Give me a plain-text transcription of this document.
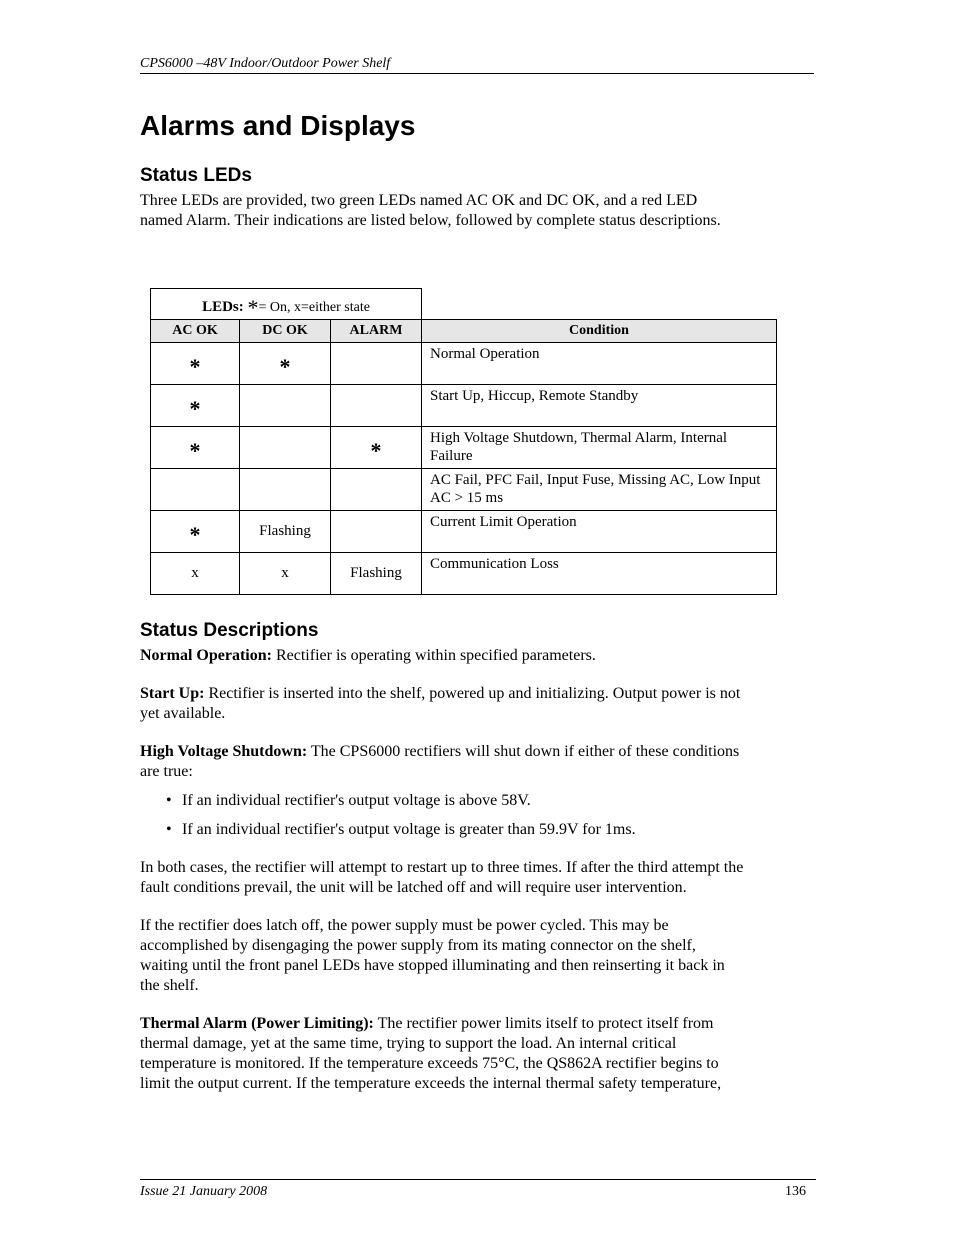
CPS6000 –48V Indoor/Outdoor Power Shelf
Alarms and Displays
Status LEDs

Three LEDs are provided, two green LEDs named AC OK and DC OK, and a red LED
named Alarm. Their indications are listed below, followed by complete status descriptions.

LEDs: *= On, x=either state			
AC OK	DC OK	ALARM	Condition
*	*		Normal Operation
*			Start Up, Hiccup, Remote Standby
*		*	High Voltage Shutdown, Thermal Alarm, Internal Failure
			AC Fail, PFC Fail, Input Fuse, Missing AC, Low Input AC > 15 ms
*	Flashing		Current Limit Operation
x	x	Flashing	Communication Loss
Status Descriptions

Normal Operation: Rectifier is operating within specified parameters.

Start Up: Rectifier is inserted into the shelf, powered up and initializing. Output power is not
yet available.

High Voltage Shutdown: The CPS6000 rectifiers will shut down if either of these conditions
are true:

• If an individual rectifier's output voltage is above 58V.

• If an individual rectifier's output voltage is greater than 59.9V for 1ms.

In both cases, the rectifier will attempt to restart up to three times. If after the third attempt the
fault conditions prevail, the unit will be latched off and will require user intervention.

If the rectifier does latch off, the power supply must be power cycled. This may be
accomplished by disengaging the power supply from its mating connector on the shelf,
waiting until the front panel LEDs have stopped illuminating and then reinserting it back in
the shelf.

Thermal Alarm (Power Limiting): The rectifier power limits itself to protect itself from
thermal damage, yet at the same time, trying to support the load. An internal critical
temperature is monitored. If the temperature exceeds 75°C, the QS862A rectifier begins to
limit the output current. If the temperature exceeds the internal thermal safety temperature,

Issue 21 January 2008	136
